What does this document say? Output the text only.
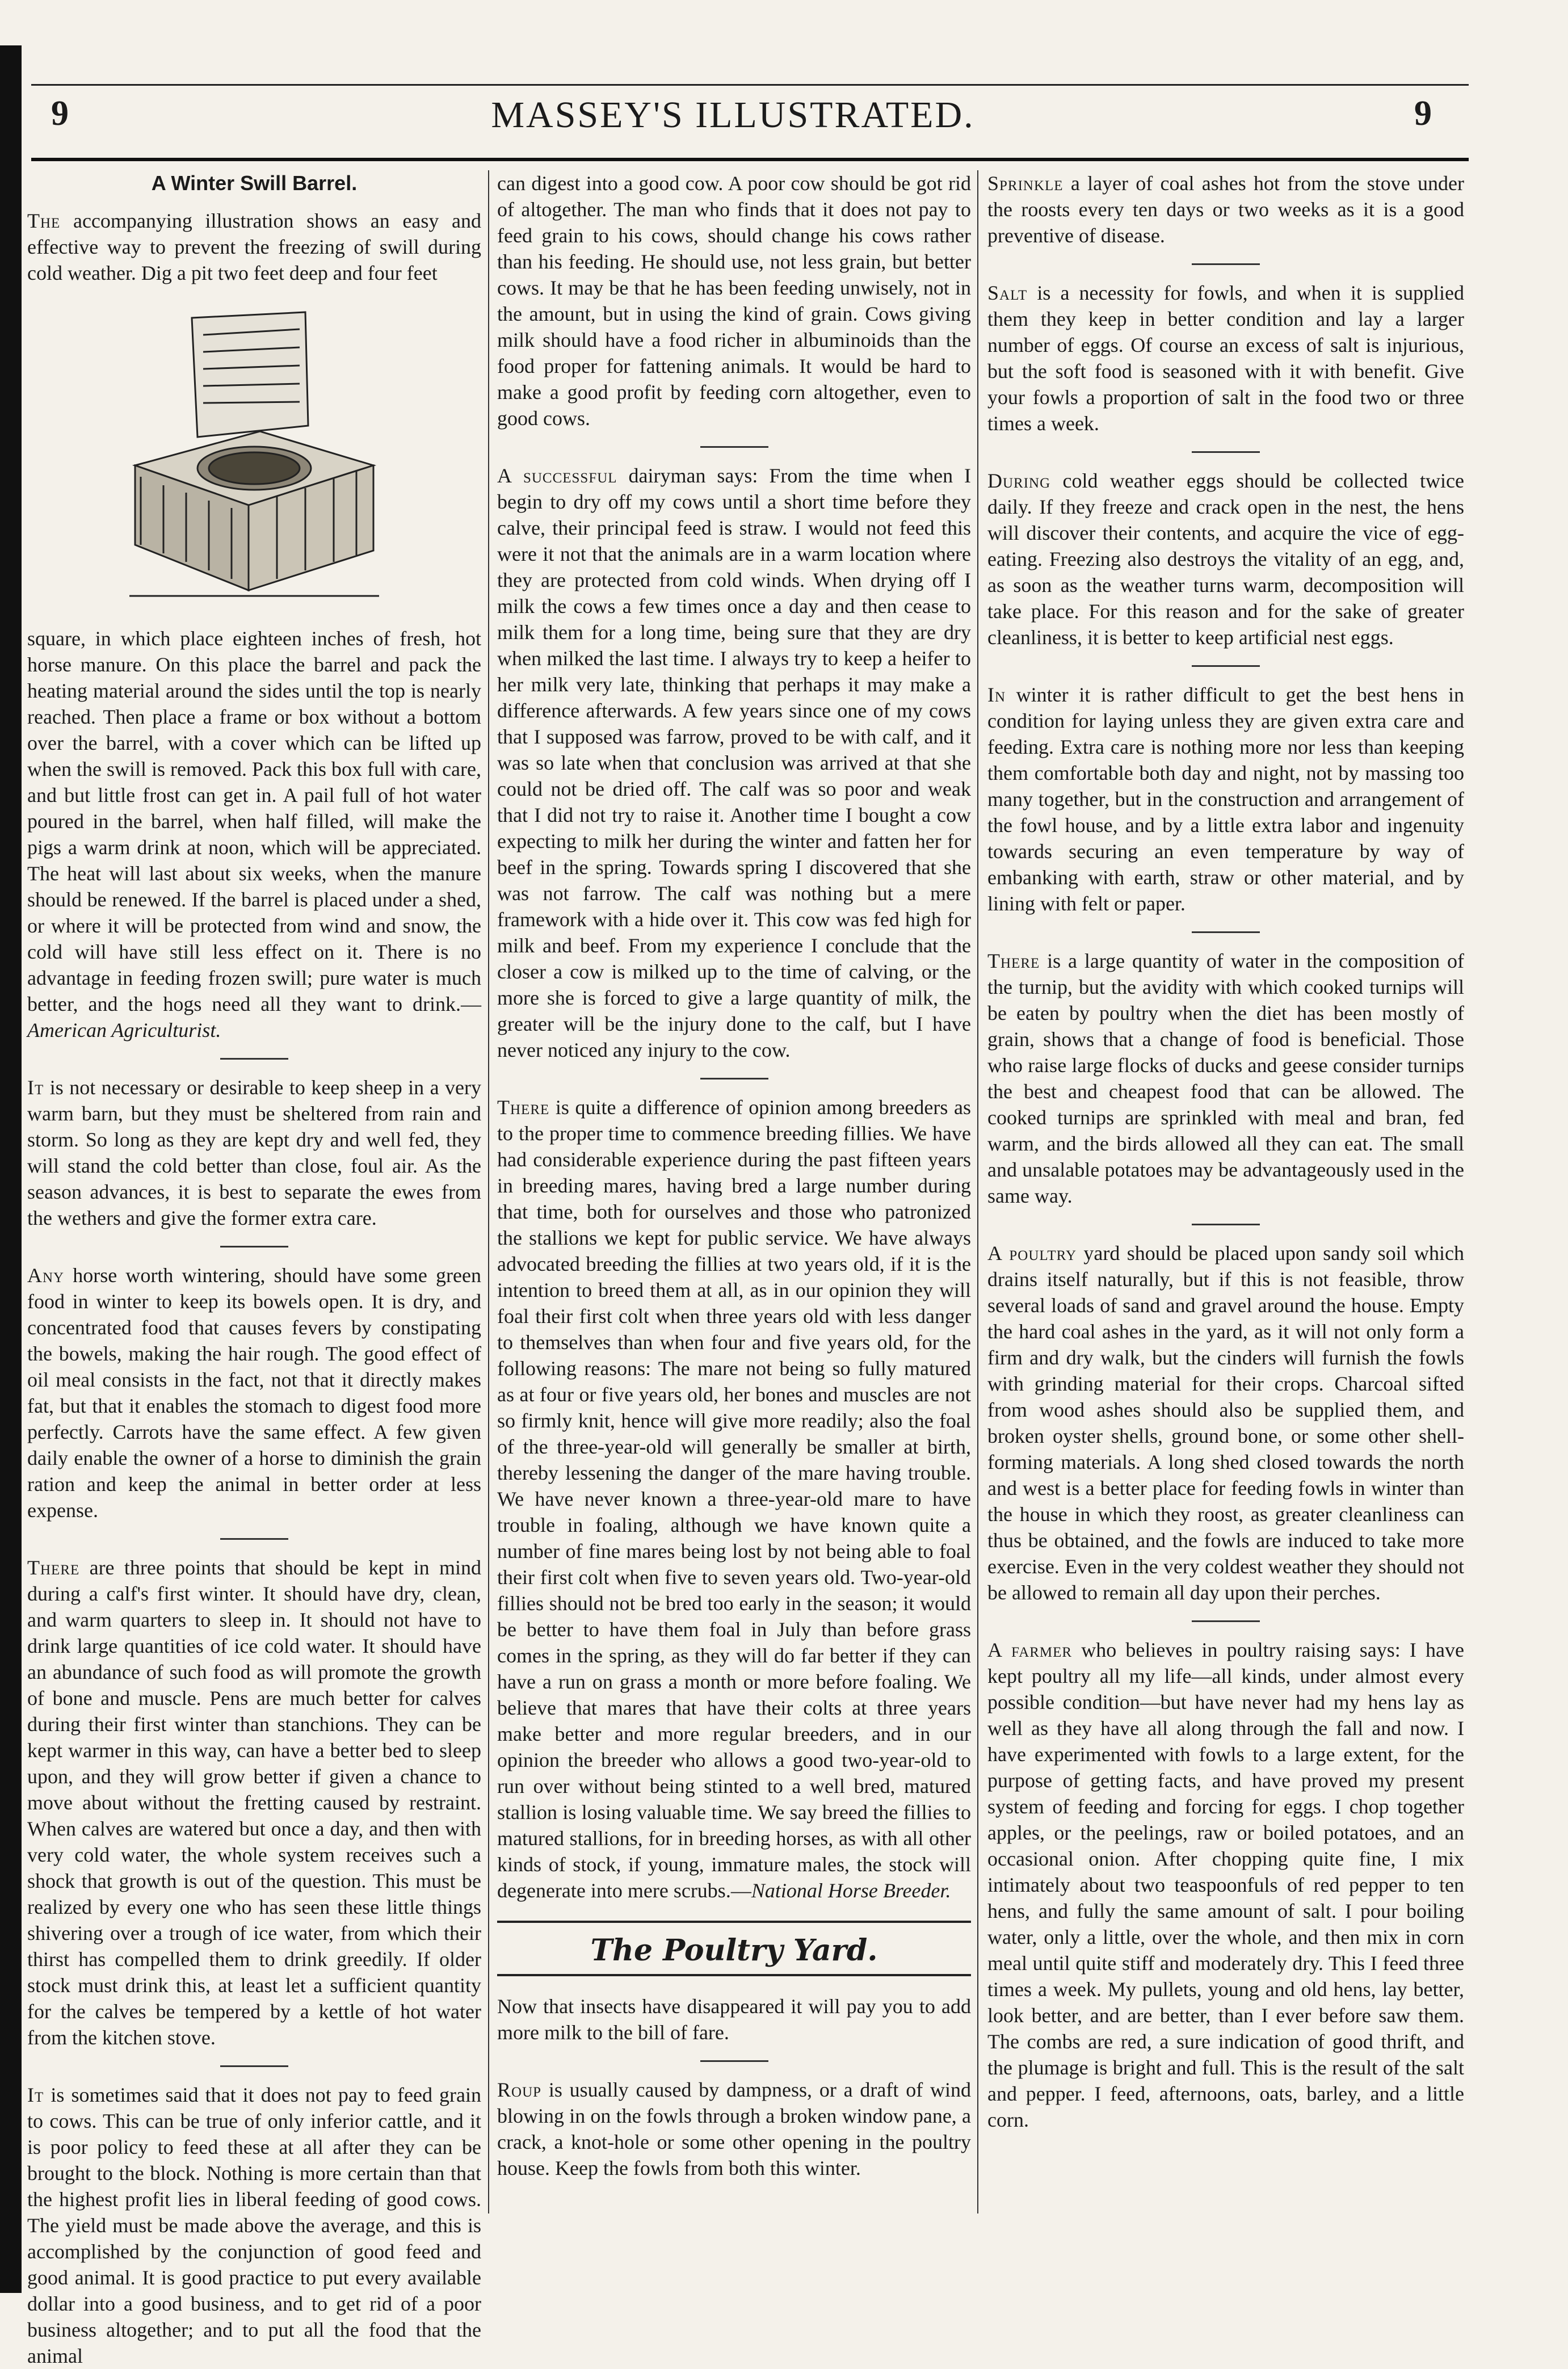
9	MASSEY'S ILLUSTRATED.	9
A Winter Swill Barrel.

The accompanying illustration shows an easy and effective way to prevent the freezing of swill during cold weather. Dig a pit two feet deep and four feet

square, in which place eighteen inches of fresh, hot horse manure. On this place the barrel and pack the heating material around the sides until the top is nearly reached. Then place a frame or box without a bottom over the barrel, with a cover which can be lifted up when the swill is removed. Pack this box full with care, and but little frost can get in. A pail full of hot water poured in the barrel, when half filled, will make the pigs a warm drink at noon, which will be appreciated. The heat will last about six weeks, when the manure should be renewed. If the barrel is placed under a shed, or where it will be protected from wind and snow, the cold will have still less effect on it. There is no advantage in feeding frozen swill; pure water is much better, and the hogs need all they want to drink.—American Agriculturist.

It is not necessary or desirable to keep sheep in a very warm barn, but they must be sheltered from rain and storm. So long as they are kept dry and well fed, they will stand the cold better than close, foul air. As the season advances, it is best to separate the ewes from the wethers and give the former extra care.

Any horse worth wintering, should have some green food in winter to keep its bowels open. It is dry, and concentrated food that causes fevers by constipating the bowels, making the hair rough. The good effect of oil meal consists in the fact, not that it directly makes fat, but that it enables the stomach to digest food more perfectly. Carrots have the same effect. A few given daily enable the owner of a horse to diminish the grain ration and keep the animal in better order at less expense.

There are three points that should be kept in mind during a calf's first winter. It should have dry, clean, and warm quarters to sleep in. It should not have to drink large quantities of ice cold water. It should have an abundance of such food as will promote the growth of bone and muscle. Pens are much better for calves during their first winter than stanchions. They can be kept warmer in this way, can have a better bed to sleep upon, and they will grow better if given a chance to move about without the fretting caused by restraint. When calves are watered but once a day, and then with very cold water, the whole system receives such a shock that growth is out of the question. This must be realized by every one who has seen these little things shivering over a trough of ice water, from which their thirst has compelled them to drink greedily. If older stock must drink this, at least let a sufficient quantity for the calves be tempered by a kettle of hot water from the kitchen stove.

It is sometimes said that it does not pay to feed grain to cows. This can be true of only inferior cattle, and it is poor policy to feed these at all after they can be brought to the block. Nothing is more certain than that the highest profit lies in liberal feeding of good cows. The yield must be made above the average, and this is accomplished by the conjunction of good feed and good animal. It is good practice to put every available dollar into a good business, and to get rid of a poor business altogether; and to put all the food that the animal

can digest into a good cow. A poor cow should be got rid of altogether. The man who finds that it does not pay to feed grain to his cows, should change his cows rather than his feeding. He should use, not less grain, but better cows. It may be that he has been feeding unwisely, not in the amount, but in using the kind of grain. Cows giving milk should have a food richer in albuminoids than the food proper for fattening animals. It would be hard to make a good profit by feeding corn altogether, even to good cows.

A successful dairyman says: From the time when I begin to dry off my cows until a short time before they calve, their principal feed is straw. I would not feed this were it not that the animals are in a warm location where they are protected from cold winds. When drying off I milk the cows a few times once a day and then cease to milk them for a long time, being sure that they are dry when milked the last time. I always try to keep a heifer to her milk very late, thinking that perhaps it may make a difference afterwards. A few years since one of my cows that I supposed was farrow, proved to be with calf, and it was so late when that conclusion was arrived at that she could not be dried off. The calf was so poor and weak that I did not try to raise it. Another time I bought a cow expecting to milk her during the winter and fatten her for beef in the spring. Towards spring I discovered that she was not farrow. The calf was nothing but a mere framework with a hide over it. This cow was fed high for milk and beef. From my experience I conclude that the closer a cow is milked up to the time of calving, or the more she is forced to give a large quantity of milk, the greater will be the injury done to the calf, but I have never noticed any injury to the cow.

There is quite a difference of opinion among breeders as to the proper time to commence breeding fillies. We have had considerable experience during the past fifteen years in breeding mares, having bred a large number during that time, both for ourselves and those who patronized the stallions we kept for public service. We have always advocated breeding the fillies at two years old, if it is the intention to breed them at all, as in our opinion they will foal their first colt when three years old with less danger to themselves than when four and five years old, for the following reasons: The mare not being so fully matured as at four or five years old, her bones and muscles are not so firmly knit, hence will give more readily; also the foal of the three-year-old will generally be smaller at birth, thereby lessening the danger of the mare having trouble. We have never known a three-year-old mare to have trouble in foaling, although we have known quite a number of fine mares being lost by not being able to foal their first colt when five to seven years old. Two-year-old fillies should not be bred too early in the season; it would be better to have them foal in July than before grass comes in the spring, as they will do far better if they can have a run on grass a month or more before foaling. We believe that mares that have their colts at three years make better and more regular breeders, and in our opinion the breeder who allows a good two-year-old to run over without being stinted to a well bred, matured stallion is losing valuable time. We say breed the fillies to matured stallions, for in breeding horses, as with all other kinds of stock, if young, immature males, the stock will degenerate into mere scrubs.—National Horse Breeder.

The Poultry Yard.

Now that insects have disappeared it will pay you to add more milk to the bill of fare.

Roup is usually caused by dampness, or a draft of wind blowing in on the fowls through a broken window pane, a crack, a knot-hole or some other opening in the poultry house. Keep the fowls from both this winter.

Sprinkle a layer of coal ashes hot from the stove under the roosts every ten days or two weeks as it is a good preventive of disease.

Salt is a necessity for fowls, and when it is supplied them they keep in better condition and lay a larger number of eggs. Of course an excess of salt is injurious, but the soft food is seasoned with it with benefit. Give your fowls a proportion of salt in the food two or three times a week.

During cold weather eggs should be collected twice daily. If they freeze and crack open in the nest, the hens will discover their contents, and acquire the vice of egg-eating. Freezing also destroys the vitality of an egg, and, as soon as the weather turns warm, decomposition will take place. For this reason and for the sake of greater cleanliness, it is better to keep artificial nest eggs.

In winter it is rather difficult to get the best hens in condition for laying unless they are given extra care and feeding. Extra care is nothing more nor less than keeping them comfortable both day and night, not by massing too many together, but in the construction and arrangement of the fowl house, and by a little extra labor and ingenuity towards securing an even temperature by way of embanking with earth, straw or other material, and by lining with felt or paper.

There is a large quantity of water in the composition of the turnip, but the avidity with which cooked turnips will be eaten by poultry when the diet has been mostly of grain, shows that a change of food is beneficial. Those who raise large flocks of ducks and geese consider turnips the best and cheapest food that can be allowed. The cooked turnips are sprinkled with meal and bran, fed warm, and the birds allowed all they can eat. The small and unsalable potatoes may be advantageously used in the same way.

A poultry yard should be placed upon sandy soil which drains itself naturally, but if this is not feasible, throw several loads of sand and gravel around the house. Empty the hard coal ashes in the yard, as it will not only form a firm and dry walk, but the cinders will furnish the fowls with grinding material for their crops. Charcoal sifted from wood ashes should also be supplied them, and broken oyster shells, ground bone, or some other shell-forming materials. A long shed closed towards the north and west is a better place for feeding fowls in winter than the house in which they roost, as greater cleanliness can thus be obtained, and the fowls are induced to take more exercise. Even in the very coldest weather they should not be allowed to remain all day upon their perches.

A farmer who believes in poultry raising says: I have kept poultry all my life—all kinds, under almost every possible condition—but have never had my hens lay as well as they have all along through the fall and now. I have experimented with fowls to a large extent, for the purpose of getting facts, and have proved my present system of feeding and forcing for eggs. I chop together apples, or the peelings, raw or boiled potatoes, and an occasional onion. After chopping quite fine, I mix intimately about two teaspoonfuls of red pepper to ten hens, and fully the same amount of salt. I pour boiling water, only a little, over the whole, and then mix in corn meal until quite stiff and moderately dry. This I feed three times a week. My pullets, young and old hens, lay better, look better, and are better, than I ever before saw them. The combs are red, a sure indication of good thrift, and the plumage is bright and full. This is the result of the salt and pepper. I feed, afternoons, oats, barley, and a little corn.
